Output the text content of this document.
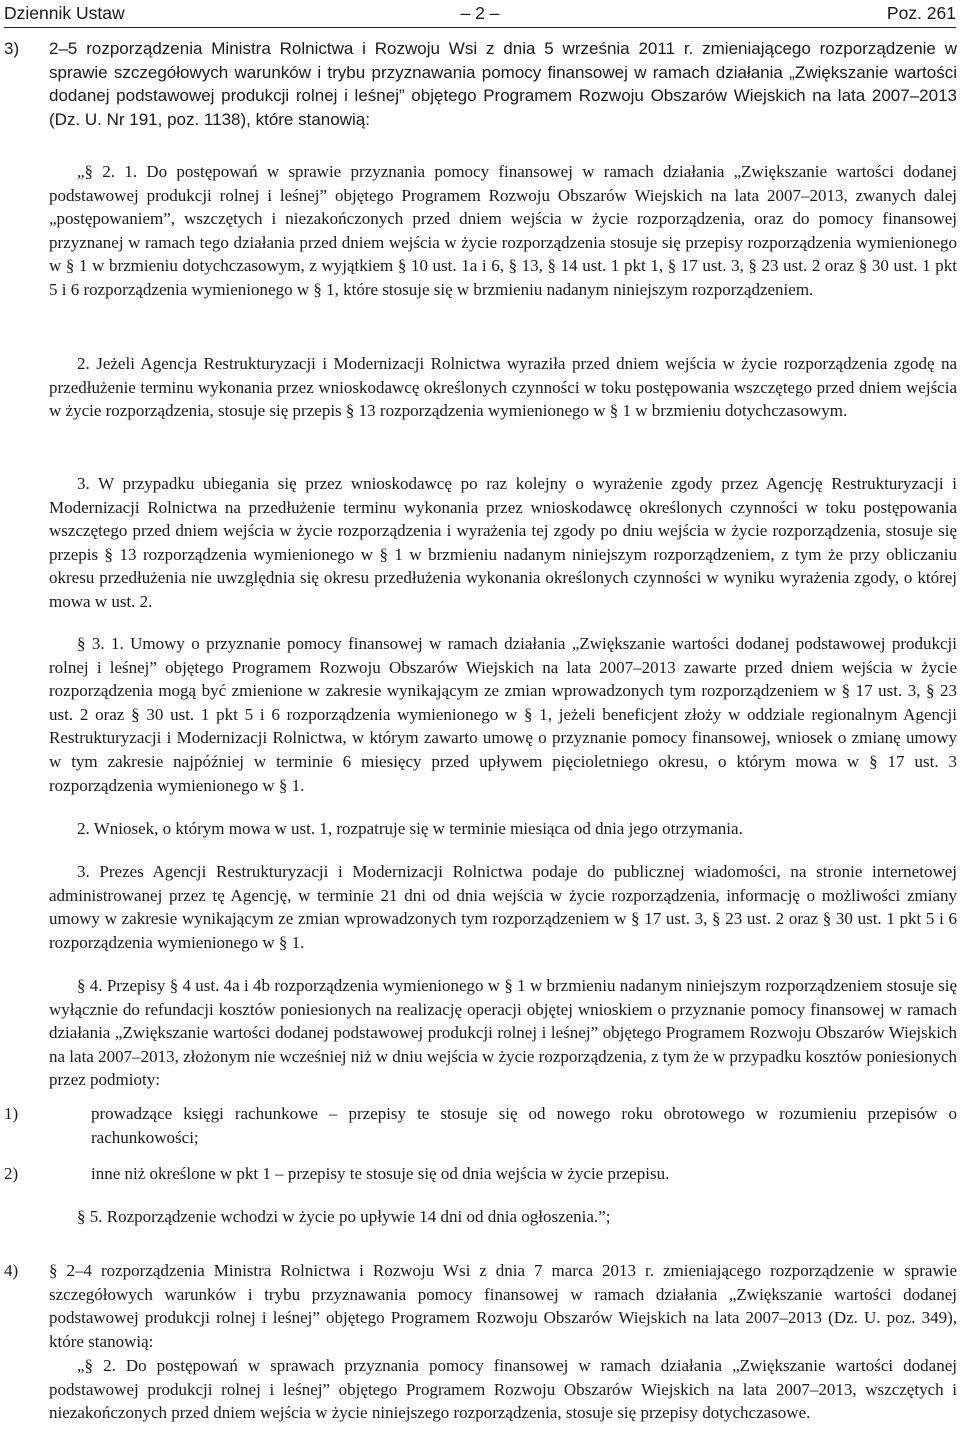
Dziennik Ustaw	– 2 –	Poz. 261
3) 2–5 rozporządzenia Ministra Rolnictwa i Rozwoju Wsi z dnia 5 września 2011 r. zmieniającego rozporządzenie w sprawie szczegółowych warunków i trybu przyznawania pomocy finansowej w ramach działania „Zwiększanie wartości dodanej podstawowej produkcji rolnej i leśnej” objętego Programem Rozwoju Obszarów Wiejskich na lata 2007–2013 (Dz. U. Nr 191, poz. 1138), które stanowią:
„§ 2. 1. Do postępowań w sprawie przyznania pomocy finansowej w ramach działania „Zwiększanie wartości dodanej podstawowej produkcji rolnej i leśnej” objętego Programem Rozwoju Obszarów Wiejskich na lata 2007–2013, zwanych dalej „postępowaniem”, wszczętych i niezakończonych przed dniem wejścia w życie rozporządzenia, oraz do pomocy finansowej przyznanej w ramach tego działania przed dniem wejścia w życie rozporządzenia stosuje się przepisy rozporządzenia wymienionego w § 1 w brzmieniu dotychczasowym, z wyjątkiem § 10 ust. 1a i 6, § 13, § 14 ust. 1 pkt 1, § 17 ust. 3, § 23 ust. 2 oraz § 30 ust. 1 pkt 5 i 6 rozporządzenia wymienionego w § 1, które stosuje się w brzmieniu nadanym niniejszym rozporządzeniem.
2. Jeżeli Agencja Restrukturyzacji i Modernizacji Rolnictwa wyraziła przed dniem wejścia w życie rozporządzenia zgodę na przedłużenie terminu wykonania przez wnioskodawcę określonych czynności w toku postępowania wszczętego przed dniem wejścia w życie rozporządzenia, stosuje się przepis § 13 rozporządzenia wymienionego w § 1 w brzmieniu dotychczasowym.
3. W przypadku ubiegania się przez wnioskodawcę po raz kolejny o wyrażenie zgody przez Agencję Restrukturyzacji i Modernizacji Rolnictwa na przedłużenie terminu wykonania przez wnioskodawcę określonych czynności w toku postępowania wszczętego przed dniem wejścia w życie rozporządzenia i wyrażenia tej zgody po dniu wejścia w życie rozporządzenia, stosuje się przepis § 13 rozporządzenia wymienionego w § 1 w brzmieniu nadanym niniejszym rozporządzeniem, z tym że przy obliczaniu okresu przedłużenia nie uwzględnia się okresu przedłużenia wykonania określonych czynności w wyniku wyrażenia zgody, o której mowa w ust. 2.
§ 3. 1. Umowy o przyznanie pomocy finansowej w ramach działania „Zwiększanie wartości dodanej podstawowej produkcji rolnej i leśnej” objętego Programem Rozwoju Obszarów Wiejskich na lata 2007–2013 zawarte przed dniem wejścia w życie rozporządzenia mogą być zmienione w zakresie wynikającym ze zmian wprowadzonych tym rozporządzeniem w § 17 ust. 3, § 23 ust. 2 oraz § 30 ust. 1 pkt 5 i 6 rozporządzenia wymienionego w § 1, jeżeli beneficjent złoży w oddziale regionalnym Agencji Restrukturyzacji i Modernizacji Rolnictwa, w którym zawarto umowę o przyznanie pomocy finansowej, wniosek o zmianę umowy w tym zakresie najpóźniej w terminie 6 miesięcy przed upływem pięcioletniego okresu, o którym mowa w § 17 ust. 3 rozporządzenia wymienionego w § 1.
2. Wniosek, o którym mowa w ust. 1, rozpatruje się w terminie miesiąca od dnia jego otrzymania.
3. Prezes Agencji Restrukturyzacji i Modernizacji Rolnictwa podaje do publicznej wiadomości, na stronie internetowej administrowanej przez tę Agencję, w terminie 21 dni od dnia wejścia w życie rozporządzenia, informację o możliwości zmiany umowy w zakresie wynikającym ze zmian wprowadzonych tym rozporządzeniem w § 17 ust. 3, § 23 ust. 2 oraz § 30 ust. 1 pkt 5 i 6 rozporządzenia wymienionego w § 1.
§ 4. Przepisy § 4 ust. 4a i 4b rozporządzenia wymienionego w § 1 w brzmieniu nadanym niniejszym rozporządzeniem stosuje się wyłącznie do refundacji kosztów poniesionych na realizację operacji objętej wnioskiem o przyznanie pomocy finansowej w ramach działania „Zwiększanie wartości dodanej podstawowej produkcji rolnej i leśnej” objętego Programem Rozwoju Obszarów Wiejskich na lata 2007–2013, złożonym nie wcześniej niż w dniu wejścia w życie rozporządzenia, z tym że w przypadku kosztów poniesionych przez podmioty:
1)	prowadzące księgi rachunkowe – przepisy te stosuje się od nowego roku obrotowego w rozumieniu przepisów o rachunkowości;
2)	inne niż określone w pkt 1 – przepisy te stosuje się od dnia wejścia w życie przepisu.
§ 5. Rozporządzenie wchodzi w życie po upływie 14 dni od dnia ogłoszenia.”;
4) § 2–4 rozporządzenia Ministra Rolnictwa i Rozwoju Wsi z dnia 7 marca 2013 r. zmieniającego rozporządzenie w sprawie szczegółowych warunków i trybu przyznawania pomocy finansowej w ramach działania „Zwiększanie wartości dodanej podstawowej produkcji rolnej i leśnej” objętego Programem Rozwoju Obszarów Wiejskich na lata 2007–2013 (Dz. U. poz. 349), które stanowią:
„§ 2. Do postępowań w sprawach przyznania pomocy finansowej w ramach działania „Zwiększanie wartości dodanej podstawowej produkcji rolnej i leśnej” objętego Programem Rozwoju Obszarów Wiejskich na lata 2007–2013, wszczętych i niezakończonych przed dniem wejścia w życie niniejszego rozporządzenia, stosuje się przepisy dotychczasowe.
